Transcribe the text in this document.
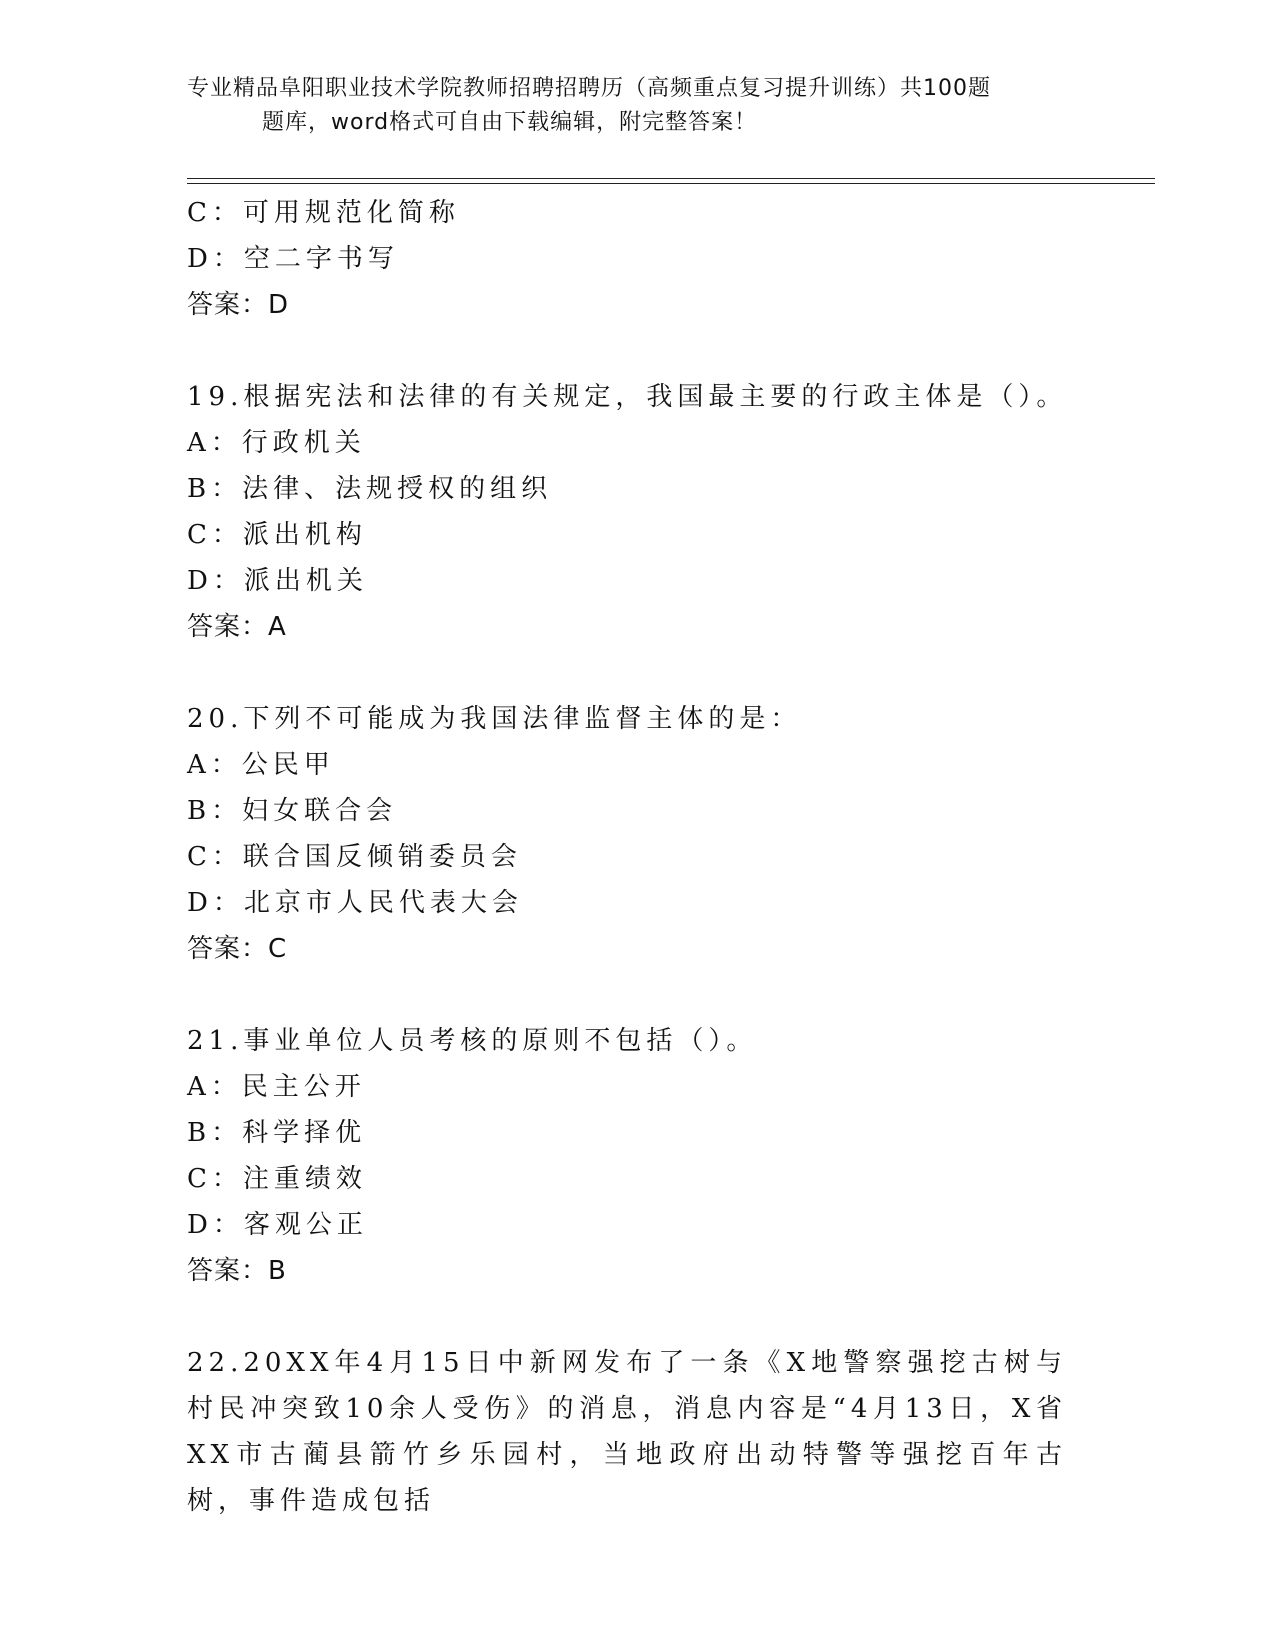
专业精品阜阳职业技术学院教师招聘招聘历（高频重点复习提升训练）共100题
题库，word格式可自由下载编辑，附完整答案！
C：可用规范化简称
D：空二字书写
答案：D
19.根据宪法和法律的有关规定，我国最主要的行政主体是（）。
A：行政机关
B：法律、法规授权的组织
C：派出机构
D：派出机关
答案：A
20.下列不可能成为我国法律监督主体的是：
A：公民甲
B：妇女联合会
C：联合国反倾销委员会
D：北京市人民代表大会
答案：C
21.事业单位人员考核的原则不包括（）。
A：民主公开
B：科学择优
C：注重绩效
D：客观公正
答案：B
22.20XX年4月15日中新网发布了一条《X地警察强挖古树与村民冲突致10余人受伤》的消息，消息内容是“4月13日，X省XX市古蔺县箭竹乡乐园村，当地政府出动特警等强挖百年古树，事件造成包括
